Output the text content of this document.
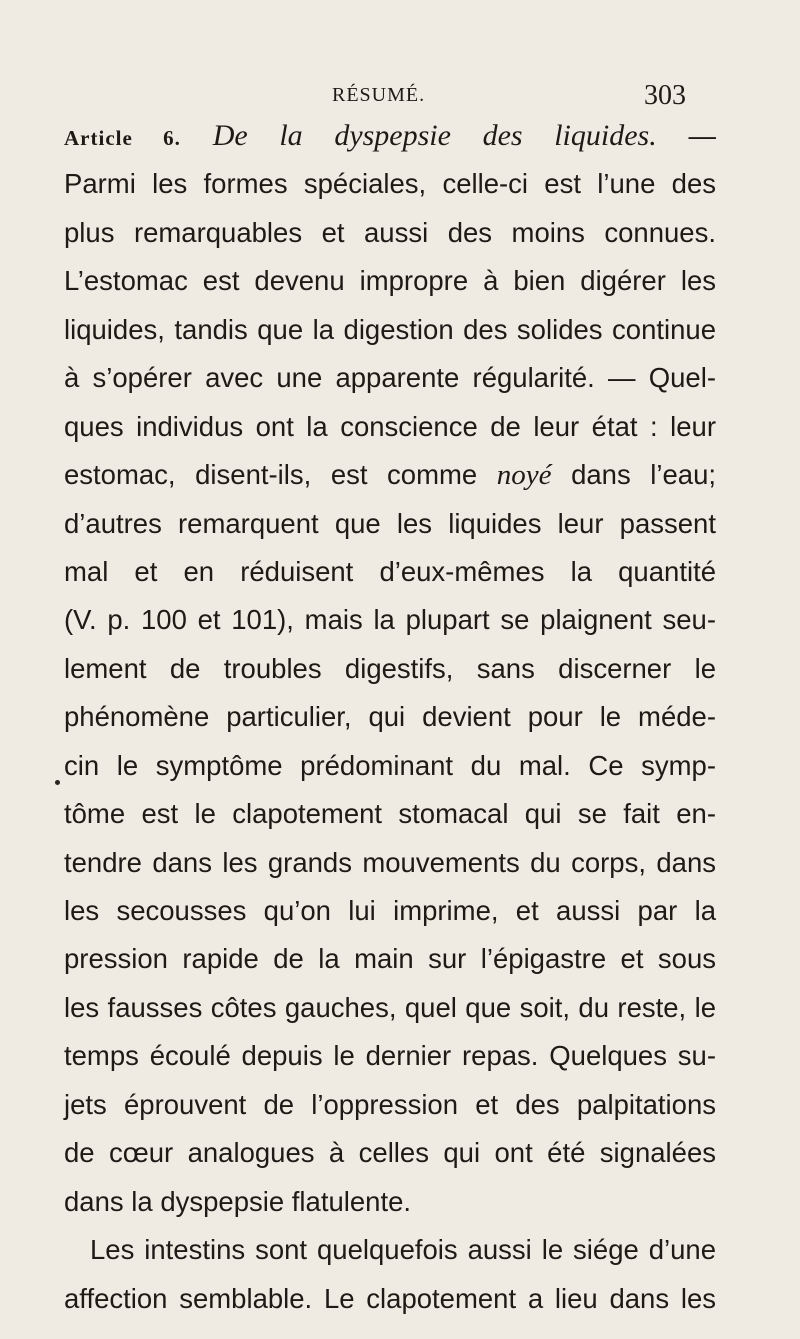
RÉSUMÉ.	303
Article 6. De la dyspepsie des liquides. —
Parmi les formes spéciales, celle-ci est l’une des
plus remarquables et aussi des moins connues.
L’estomac est devenu impropre à bien digérer les
liquides, tandis que la digestion des solides continue
à s’opérer avec une apparente régularité. — Quel-
ques individus ont la conscience de leur état : leur
estomac, disent-ils, est comme noyé dans l’eau;
d’autres remarquent que les liquides leur passent
mal et en réduisent d’eux-mêmes la quantité
(V. p. 100 et 101), mais la plupart se plaignent seu-
lement de troubles digestifs, sans discerner le
phénomène particulier, qui devient pour le méde-
cin le symptôme prédominant du mal. Ce symp-
tôme est le clapotement stomacal qui se fait en-
tendre dans les grands mouvements du corps, dans
les secousses qu’on lui imprime, et aussi par la
pression rapide de la main sur l’épigastre et sous
les fausses côtes gauches, quel que soit, du reste, le
temps écoulé depuis le dernier repas. Quelques su-
jets éprouvent de l’oppression et des palpitations
de cœur analogues à celles qui ont été signalées
dans la dyspepsie flatulente.
Les intestins sont quelquefois aussi le siége d’une
affection semblable. Le clapotement a lieu dans les
